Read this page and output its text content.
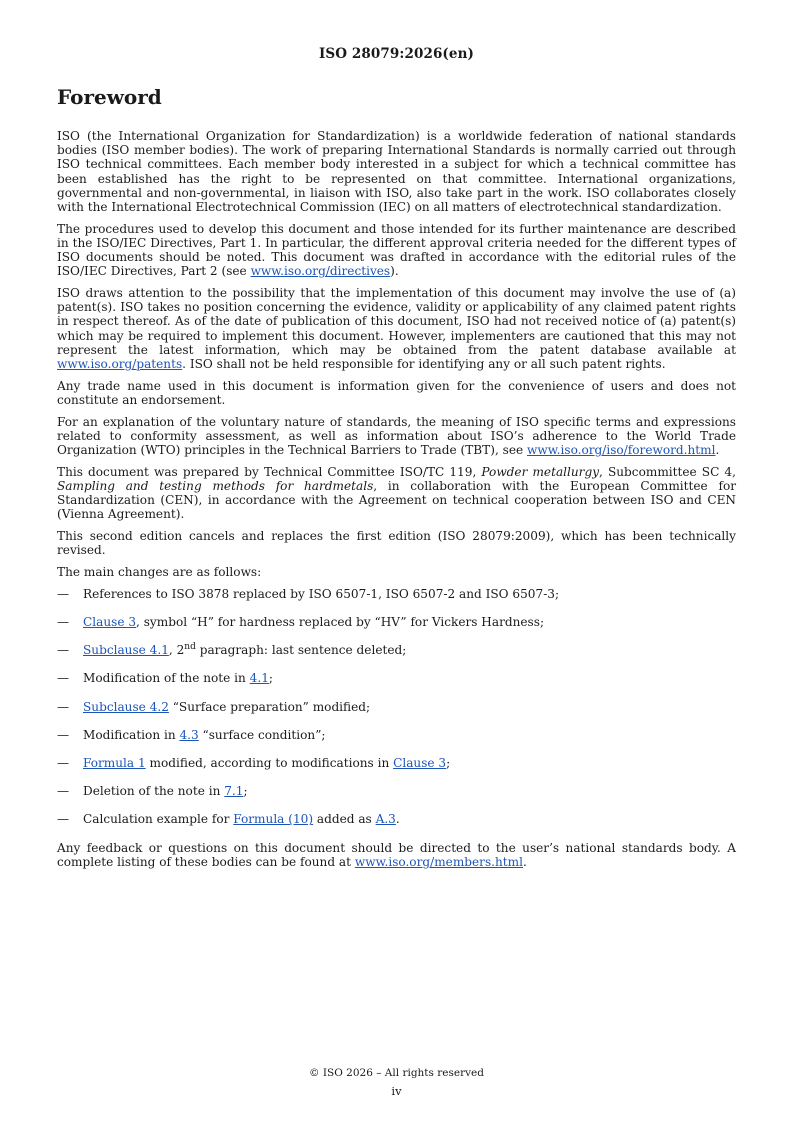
ISO 28079:2026(en)
Foreword

ISO (the International Organization for Standardization) is a worldwide federation of national standards bodies (ISO member bodies). The work of preparing International Standards is normally carried out through ISO technical committees. Each member body interested in a subject for which a technical committee has been established has the right to be represented on that committee. International organizations, governmental and non-governmental, in liaison with ISO, also take part in the work. ISO collaborates closely with the International Electrotechnical Commission (IEC) on all matters of electrotechnical standardization.

The procedures used to develop this document and those intended for its further maintenance are described in the ISO/IEC Directives, Part 1. In particular, the different approval criteria needed for the different types of ISO documents should be noted. This document was drafted in accordance with the editorial rules of the ISO/IEC Directives, Part 2 (see www.iso.org/directives).

ISO draws attention to the possibility that the implementation of this document may involve the use of (a) patent(s). ISO takes no position concerning the evidence, validity or applicability of any claimed patent rights in respect thereof. As of the date of publication of this document, ISO had not received notice of (a) patent(s) which may be required to implement this document. However, implementers are cautioned that this may not represent the latest information, which may be obtained from the patent database available at www.iso.org/patents. ISO shall not be held responsible for identifying any or all such patent rights.

Any trade name used in this document is information given for the convenience of users and does not constitute an endorsement.

For an explanation of the voluntary nature of standards, the meaning of ISO specific terms and expressions related to conformity assessment, as well as information about ISO’s adherence to the World Trade Organization (WTO) principles in the Technical Barriers to Trade (TBT), see www.iso.org/iso/foreword.html.

This document was prepared by Technical Committee ISO/TC 119, Powder metallurgy, Subcommittee SC 4, Sampling and testing methods for hardmetals, in collaboration with the European Committee for Standardization (CEN), in accordance with the Agreement on technical cooperation between ISO and CEN (Vienna Agreement).

This second edition cancels and replaces the first edition (ISO 28079:2009), which has been technically revised.

The main changes are as follows:

—	References to ISO 3878 replaced by ISO 6507-1, ISO 6507-2 and ISO 6507-3;
—	Clause 3, symbol “H” for hardness replaced by “HV” for Vickers Hardness;
—	Subclause 4.1, 2nd paragraph: last sentence deleted;
—	Modification of the note in 4.1;
—	Subclause 4.2 “Surface preparation” modified;
—	Modification in 4.3 “surface condition”;
—	Formula 1 modified, according to modifications in Clause 3;
—	Deletion of the note in 7.1;
—	Calculation example for Formula (10) added as A.3.

Any feedback or questions on this document should be directed to the user’s national standards body. A complete listing of these bodies can be found at www.iso.org/members.html.

© ISO 2026 – All rights reserved
iv
